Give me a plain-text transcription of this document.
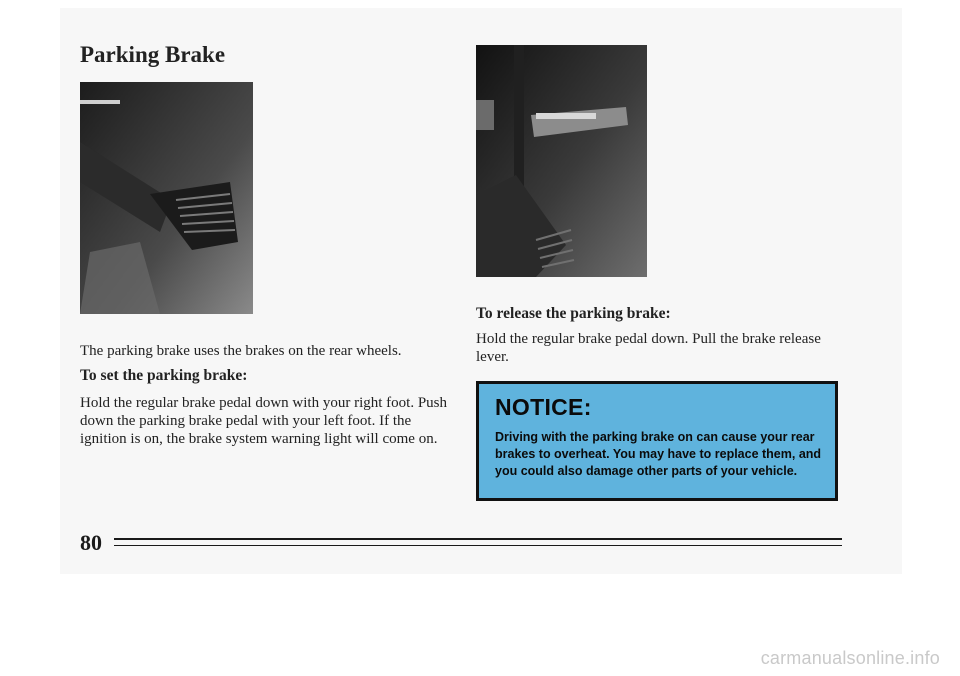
Parking Brake

The parking brake uses the brakes on the rear wheels.

To set the parking brake:

Hold the regular brake pedal down with your right foot. Push down the parking brake pedal with your left foot. If the ignition is on, the brake system warning light will come on.

To release the parking brake:

Hold the regular brake pedal down. Pull the brake release lever.

NOTICE:

Driving with the parking brake on can cause your rear brakes to overheat. You may have to replace them, and you could also damage other parts of your vehicle.

80
carmanualsonline.info
